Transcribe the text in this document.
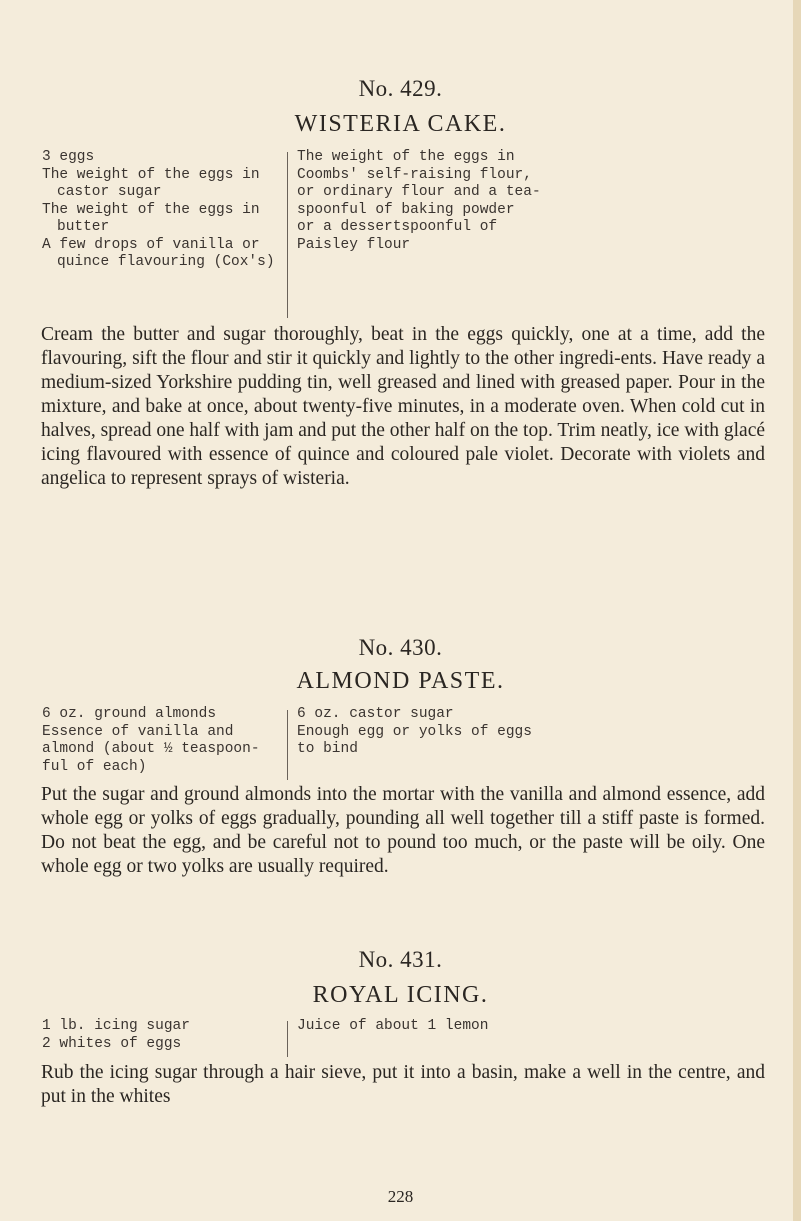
No. 429.
WISTERIA CAKE.
3 eggs
The weight of the eggs in
castor sugar
The weight of the eggs in
butter
A few drops of vanilla or
quince flavouring (Cox's)
The weight of the eggs in
Coombs' self-raising flour,
or ordinary flour and a tea-
spoonful of baking powder
or a dessertspoonful of
Paisley flour
Cream the butter and sugar thoroughly, beat in the eggs quickly, one at a time, add the flavouring, sift the flour and stir it quickly and lightly to the other ingredi-ents. Have ready a medium-sized Yorkshire pudding tin, well greased and lined with greased paper. Pour in the mixture, and bake at once, about twenty-five minutes, in a moderate oven. When cold cut in halves, spread one half with jam and put the other half on the top. Trim neatly, ice with glacé icing flavoured with essence of quince and coloured pale violet. Decorate with violets and angelica to represent sprays of wisteria.
No. 430.
ALMOND PASTE.
6 oz. ground almonds
Essence of vanilla and
almond (about ½ teaspoon-
ful of each)
6 oz. castor sugar
Enough egg or yolks of eggs
to bind
Put the sugar and ground almonds into the mortar with the vanilla and almond essence, add whole egg or yolks of eggs gradually, pounding all well together till a stiff paste is formed. Do not beat the egg, and be careful not to pound too much, or the paste will be oily. One whole egg or two yolks are usually required.
No. 431.
ROYAL ICING.
1 lb. icing sugar
2 whites of eggs
Juice of about 1 lemon
Rub the icing sugar through a hair sieve, put it into a basin, make a well in the centre, and put in the whites
228
